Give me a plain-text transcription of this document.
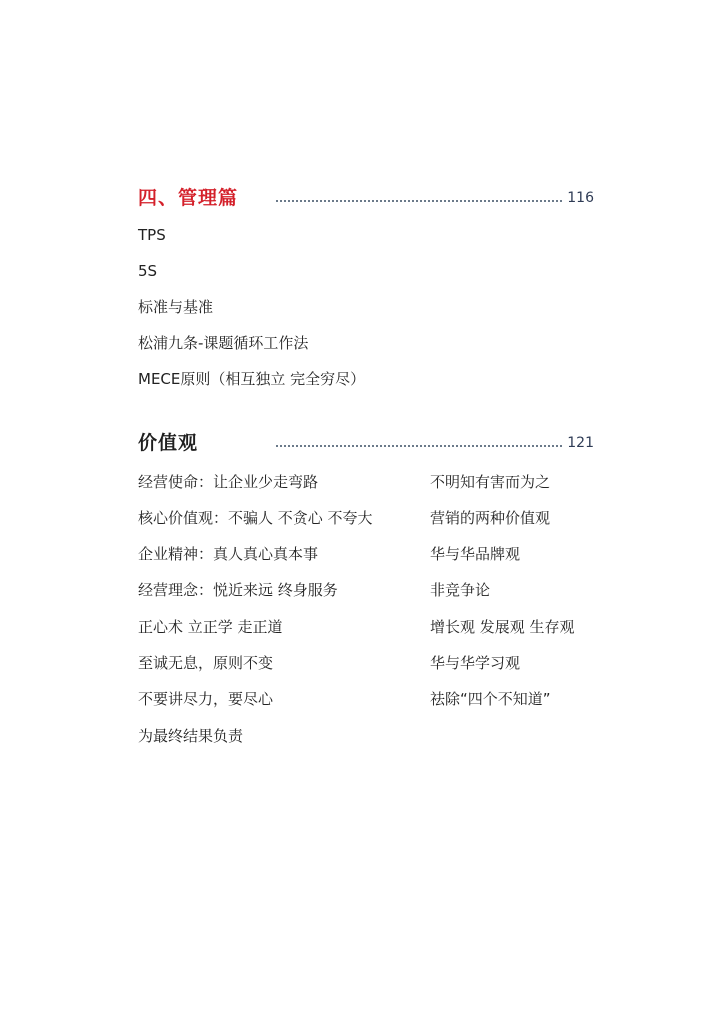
四、管理篇	116
TPS
5S
标准与基准
松浦九条-课题循环工作法
MECE原则（相互独立 完全穷尽）
价值观	121
经营使命：让企业少走弯路
核心价值观：不骗人 不贪心 不夸大
企业精神：真人真心真本事
经营理念：悦近来远 终身服务
正心术 立正学 走正道
至诚无息，原则不变
不要讲尽力，要尽心
为最终结果负责
不明知有害而为之
营销的两种价值观
华与华品牌观
非竞争论
增长观 发展观 生存观
华与华学习观
祛除“四个不知道”
